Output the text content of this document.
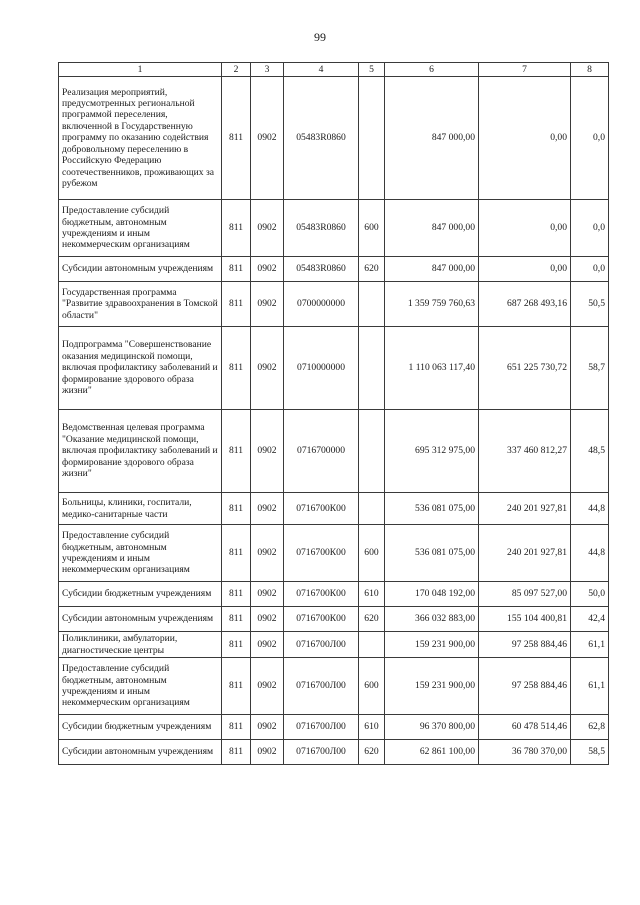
99
1	2	3	4	5	6	7	8
Реализация мероприятий, предусмотренных региональной программой переселения, включенной в Государственную программу по оказанию содействия добровольному переселению в Российскую Федерацию соотечественников, проживающих за рубежом	811	0902	05483R0860		847 000,00	0,00	0,0
Предоставление субсидий бюджетным, автономным учреждениям и иным некоммерческим организациям	811	0902	05483R0860	600	847 000,00	0,00	0,0
Субсидии автономным учреждениям	811	0902	05483R0860	620	847 000,00	0,00	0,0
Государственная программа "Развитие здравоохранения в Томской области"	811	0902	0700000000		1 359 759 760,63	687 268 493,16	50,5
Подпрограмма "Совершенствование оказания медицинской помощи, включая профилактику заболеваний и формирование здорового образа жизни"	811	0902	0710000000		1 110 063 117,40	651 225 730,72	58,7
Ведомственная целевая программа "Оказание медицинской помощи, включая профилактику заболеваний и формирование здорового образа жизни"	811	0902	0716700000		695 312 975,00	337 460 812,27	48,5
Больницы, клиники, госпитали, медико-санитарные части	811	0902	0716700К00		536 081 075,00	240 201 927,81	44,8
Предоставление субсидий бюджетным, автономным учреждениям и иным некоммерческим организациям	811	0902	0716700К00	600	536 081 075,00	240 201 927,81	44,8
Субсидии бюджетным учреждениям	811	0902	0716700К00	610	170 048 192,00	85 097 527,00	50,0
Субсидии автономным учреждениям	811	0902	0716700К00	620	366 032 883,00	155 104 400,81	42,4
Поликлиники, амбулатории, диагностические центры	811	0902	0716700Л00		159 231 900,00	97 258 884,46	61,1
Предоставление субсидий бюджетным, автономным учреждениям и иным некоммерческим организациям	811	0902	0716700Л00	600	159 231 900,00	97 258 884,46	61,1
Субсидии бюджетным учреждениям	811	0902	0716700Л00	610	96 370 800,00	60 478 514,46	62,8
Субсидии автономным учреждениям	811	0902	0716700Л00	620	62 861 100,00	36 780 370,00	58,5
